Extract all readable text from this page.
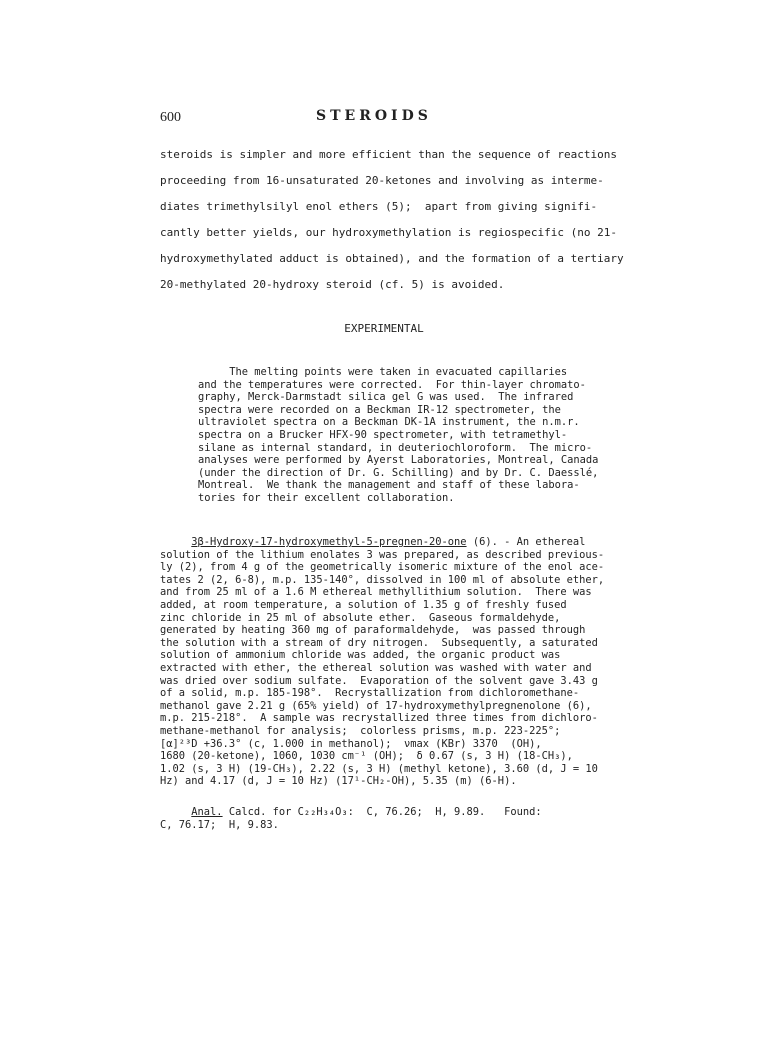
600	STEROIDS

steroids is simpler and more efficient than the sequence of reactions

proceeding from 16-unsaturated 20-ketones and involving as interme-

diates trimethylsilyl enol ethers (5);  apart from giving signifi-

cantly better yields, our hydroxymethylation is regiospecific (no 21-

hydroxymethylated adduct is obtained), and the formation of a tertiary

20-methylated 20-hydroxy steroid (cf. 5) is avoided.

EXPERIMENTAL

The melting points were taken in evacuated capillaries

and the temperatures were corrected.  For thin-layer chromato-

graphy, Merck-Darmstadt silica gel G was used.  The infrared

spectra were recorded on a Beckman IR-12 spectrometer, the

ultraviolet spectra on a Beckman DK-1A instrument, the n.m.r.

spectra on a Brucker HFX-90 spectrometer, with tetramethyl-

silane as internal standard, in deuteriochloroform.  The micro-

analyses were performed by Ayerst Laboratories, Montreal, Canada

(under the direction of Dr. G. Schilling) and by Dr. C. Daesslé,

Montreal.  We thank the management and staff of these labora-

tories for their excellent collaboration.

3β-Hydroxy-17-hydroxymethyl-5-pregnen-20-one (6). - An ethereal

solution of the lithium enolates 3 was prepared, as described previous-

ly (2), from 4 g of the geometrically isomeric mixture of the enol ace-

tates 2 (2, 6-8), m.p. 135-140°, dissolved in 100 ml of absolute ether,

and from 25 ml of a 1.6 M ethereal methyllithium solution.  There was

added, at room temperature, a solution of 1.35 g of freshly fused

zinc chloride in 25 ml of absolute ether.  Gaseous formaldehyde,

generated by heating 360 mg of paraformaldehyde,  was passed through

the solution with a stream of dry nitrogen.  Subsequently, a saturated

solution of ammonium chloride was added, the organic product was

extracted with ether, the ethereal solution was washed with water and

was dried over sodium sulfate.  Evaporation of the solvent gave 3.43 g

of a solid, m.p. 185-198°.  Recrystallization from dichloromethane-

methanol gave 2.21 g (65% yield) of 17-hydroxymethylpregnenolone (6),

m.p. 215-218°.  A sample was recrystallized three times from dichloro-

methane-methanol for analysis;  colorless prisms, m.p. 223-225°;

[α]²³D +36.3° (c, 1.000 in methanol);  νmax (KBr) 3370  (OH),

1680 (20-ketone), 1060, 1030 cm⁻¹ (OH);  δ 0.67 (s, 3 H) (18-CH₃),

1.02 (s, 3 H) (19-CH₃), 2.22 (s, 3 H) (methyl ketone), 3.60 (d, J = 10

Hz) and 4.17 (d, J = 10 Hz) (17¹-CH₂-OH), 5.35 (m) (6-H).

Anal. Calcd. for C₂₂H₃₄O₃:  C, 76.26;  H, 9.89.   Found:

C, 76.17;  H, 9.83.
